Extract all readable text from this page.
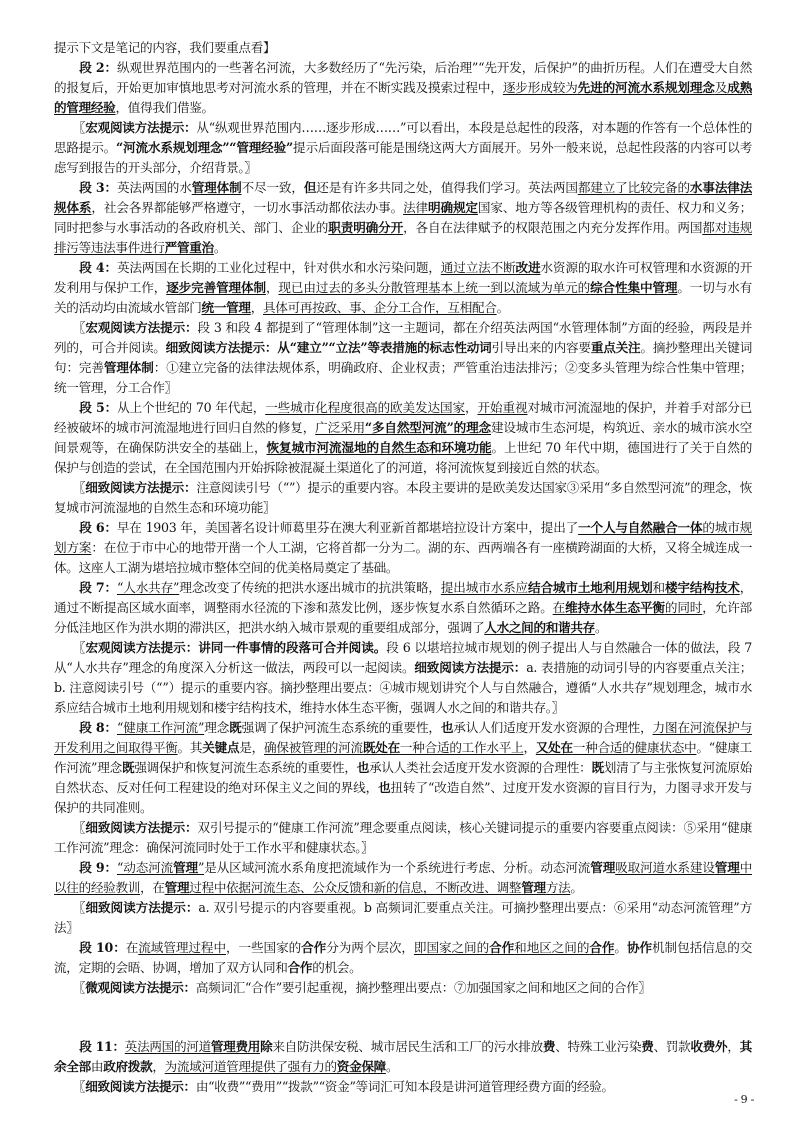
提示下文是笔记的内容，我们要重点看】

段 2：纵观世界范围内的一些著名河流，大多数经历了“先污染，后治理”“先开发，后保护”的曲折历程。人们在遭受大自然的报复后，开始更加审慎地思考对河流水系的管理，并在不断实践及摸索过程中，逐步形成较为先进的河流水系规划理念及成熟的管理经验，值得我们借鉴。

〖宏观阅读方法提示：从“纵观世界范围内……逐步形成……”可以看出，本段是总起性的段落，对本题的作答有一个总体性的思路提示。“河流水系规划理念”“管理经验”提示后面段落可能是围绕这两大方面展开。另外一般来说，总起性段落的内容可以考虑写到报告的开头部分，介绍背景。〗

段 3：英法两国的水管理体制不尽一致，但还是有许多共同之处，值得我们学习。英法两国都建立了比较完备的水事法律法规体系，社会各界都能够严格遵守，一切水事活动都依法办事。法律明确规定国家、地方等各级管理机构的责任、权力和义务；同时把参与水事活动的各政府机关、部门、企业的职责明确分开，各自在法律赋予的权限范围之内充分发挥作用。两国都对违规排污等违法事件进行严管重治。

段 4：英法两国在长期的工业化过程中，针对供水和水污染问题，通过立法不断改进水资源的取水许可权管理和水资源的开发利用与保护工作，逐步完善管理体制，现已由过去的多头分散管理基本上统一到以流域为单元的综合性集中管理。一切与水有关的活动均由流域水管部门统一管理，具体可再按政、事、企分工合作，互相配合。

〖宏观阅读方法提示：段 3 和段 4 都提到了“管理体制”这一主题词，都在介绍英法两国“水管理体制”方面的经验，两段是并列的，可合并阅读。细致阅读方法提示：从“建立”“立法”等表措施的标志性动词引导出来的内容要重点关注。摘抄整理出关键词句：完善管理体制：①建立完备的法律法规体系，明确政府、企业权责；严管重治违法排污；②变多头管理为综合性集中管理；统一管理，分工合作〗

段 5：从上个世纪的 70 年代起，一些城市化程度很高的欧美发达国家，开始重视对城市河流湿地的保护，并着手对部分已经被破坏的城市河流湿地进行回归自然的修复，广泛采用“多自然型河流”的理念建设城市生态河堤，构筑近、亲水的城市滨水空间景观等，在确保防洪安全的基础上，恢复城市河流湿地的自然生态和环境功能。上世纪 70 年代中期，德国进行了关于自然的保护与创造的尝试，在全国范围内开始拆除被混凝土渠道化了的河道，将河流恢复到接近自然的状态。

〖细致阅读方法提示：注意阅读引号（“”）提示的重要内容。本段主要讲的是欧美发达国家③采用“多自然型河流”的理念，恢复城市河流湿地的自然生态和环境功能〗

段 6：早在 1903 年，美国著名设计师葛里芬在澳大利亚新首都堪培拉设计方案中，提出了一个人与自然融合一体的城市规划方案：在位于市中心的地带开凿一个人工湖，它将首都一分为二。湖的东、西两端各有一座横跨湖面的大桥，又将全城连成一体。这座人工湖为堪培拉城市整体空间的优美格局奠定了基础。

段 7：“人水共存”理念改变了传统的把洪水逐出城市的抗洪策略，提出城市水系应结合城市土地利用规划和楼宇结构技术，通过不断提高区域水面率，调整雨水径流的下渗和蒸发比例，逐步恢复水系自然循环之路。在维持水体生态平衡的同时，允许部分低洼地区作为洪水期的滞洪区，把洪水纳入城市景观的重要组成部分，强调了人水之间的和谐共存。

〖宏观阅读方法提示：讲同一件事情的段落可合并阅读。段 6 以堪培拉城市规划的例子提出人与自然融合一体的做法，段 7 从“人水共存”理念的角度深入分析这一做法，两段可以一起阅读。细致阅读方法提示：a. 表措施的动词引导的内容要重点关注；b. 注意阅读引号（“”）提示的重要内容。摘抄整理出要点：④城市规划讲究个人与自然融合，遵循“人水共存”规划理念，城市水系应结合城市土地利用规划和楼宇结构技术，维持水体生态平衡，强调人水之间的和谐共存。〗

段 8：“健康工作河流”理念既强调了保护河流生态系统的重要性，也承认人们适度开发水资源的合理性，力图在河流保护与开发利用之间取得平衡。其关键点是，确保被管理的河流既处在一种合适的工作水平上，又处在一种合适的健康状态中。“健康工作河流”理念既强调保护和恢复河流生态系统的重要性，也承认人类社会适度开发水资源的合理性：既划清了与主张恢复河流原始自然状态、反对任何工程建设的绝对环保主义之间的界线，也扭转了“改造自然”、过度开发水资源的盲目行为，力图寻求开发与保护的共同准则。

〖细致阅读方法提示：双引号提示的“健康工作河流”理念要重点阅读，核心关键词提示的重要内容要重点阅读：⑤采用“健康工作河流”理念：确保河流同时处于工作水平和健康状态。〗

段 9：“动态河流管理”是从区域河流水系角度把流域作为一个系统进行考虑、分析。动态河流管理吸取河道水系建设管理中以往的经验教训，在管理过程中依据河流生态、公众反馈和新的信息，不断改进、调整管理方法。

〖细致阅读方法提示：a. 双引号提示的内容要重视。b 高频词汇要重点关注。可摘抄整理出要点：⑥采用“动态河流管理”方法〗

段 10：在流域管理过程中，一些国家的合作分为两个层次，即国家之间的合作和地区之间的合作。协作机制包括信息的交流，定期的会晤、协调，增加了双方认同和合作的机会。

〖微观阅读方法提示：高频词汇“合作”要引起重视，摘抄整理出要点：⑦加强国家之间和地区之间的合作〗

段 11：英法两国的河道管理费用除来自防洪保安税、城市居民生活和工厂的污水排放费、特殊工业污染费、罚款收费外，其余全部由政府拨款，为流域河道管理提供了强有力的资金保障。

〖细致阅读方法提示：由“收费”“费用”“拨款”“资金”等词汇可知本段是讲河道管理经费方面的经验。

- 9 -
